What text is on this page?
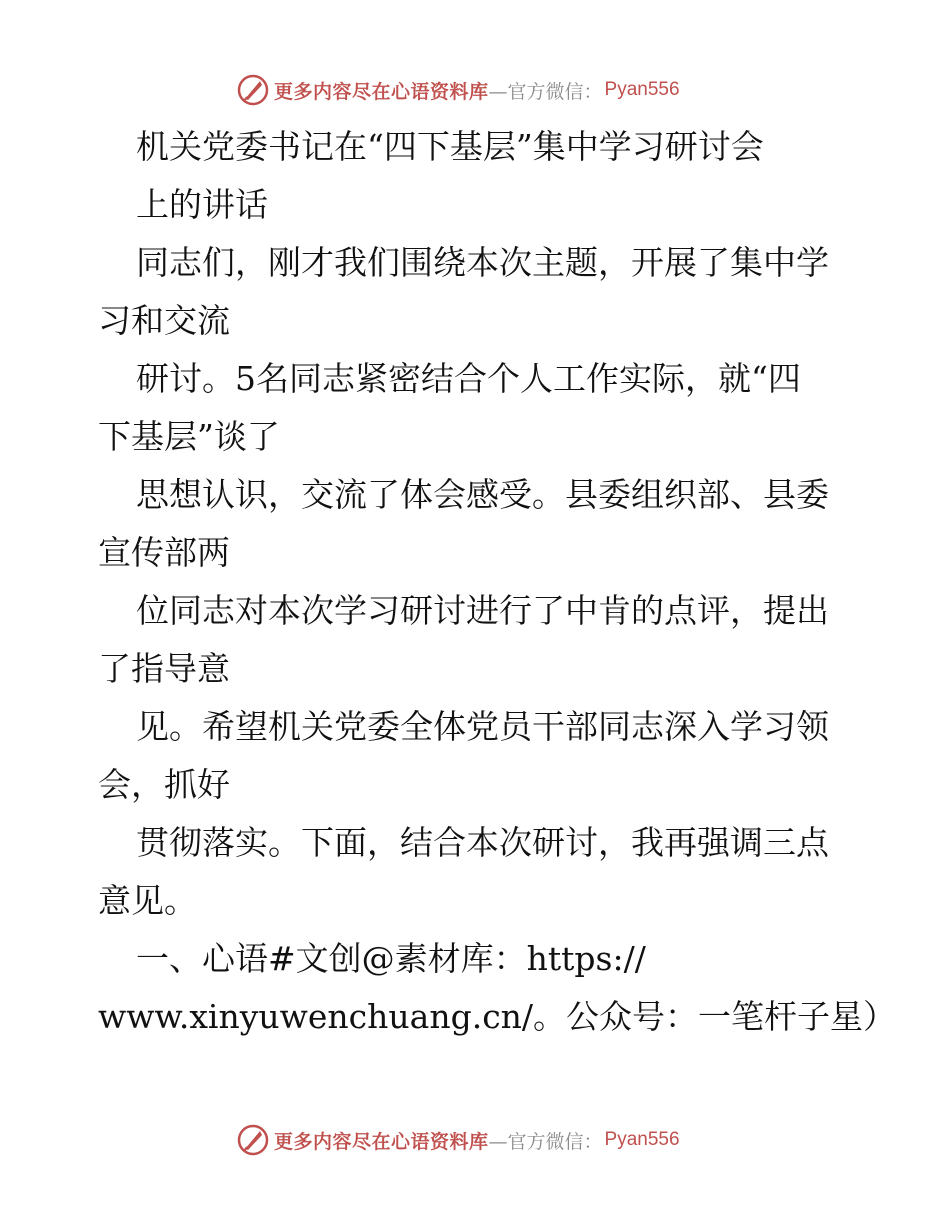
更多内容尽在心语资料库 —官方微信： Pyan556
机关党委书记在“四下基层”集中学习研讨会
上的讲话
同志们，刚才我们围绕本次主题，开展了集中学
习和交流
研讨。5名同志紧密结合个人工作实际，就“四
下基层”谈了
思想认识，交流了体会感受。县委组织部、县委
宣传部两
位同志对本次学习研讨进行了中肯的点评，提出
了指导意
见。希望机关党委全体党员干部同志深入学习领
会，抓好
贯彻落实。下面，结合本次研讨，我再强调三点
意见。
一、心语#文创@素材库：https://
www.xinyuwenchuang.cn/。公众号：一笔杆子星）
更多内容尽在心语资料库 —官方微信： Pyan556
